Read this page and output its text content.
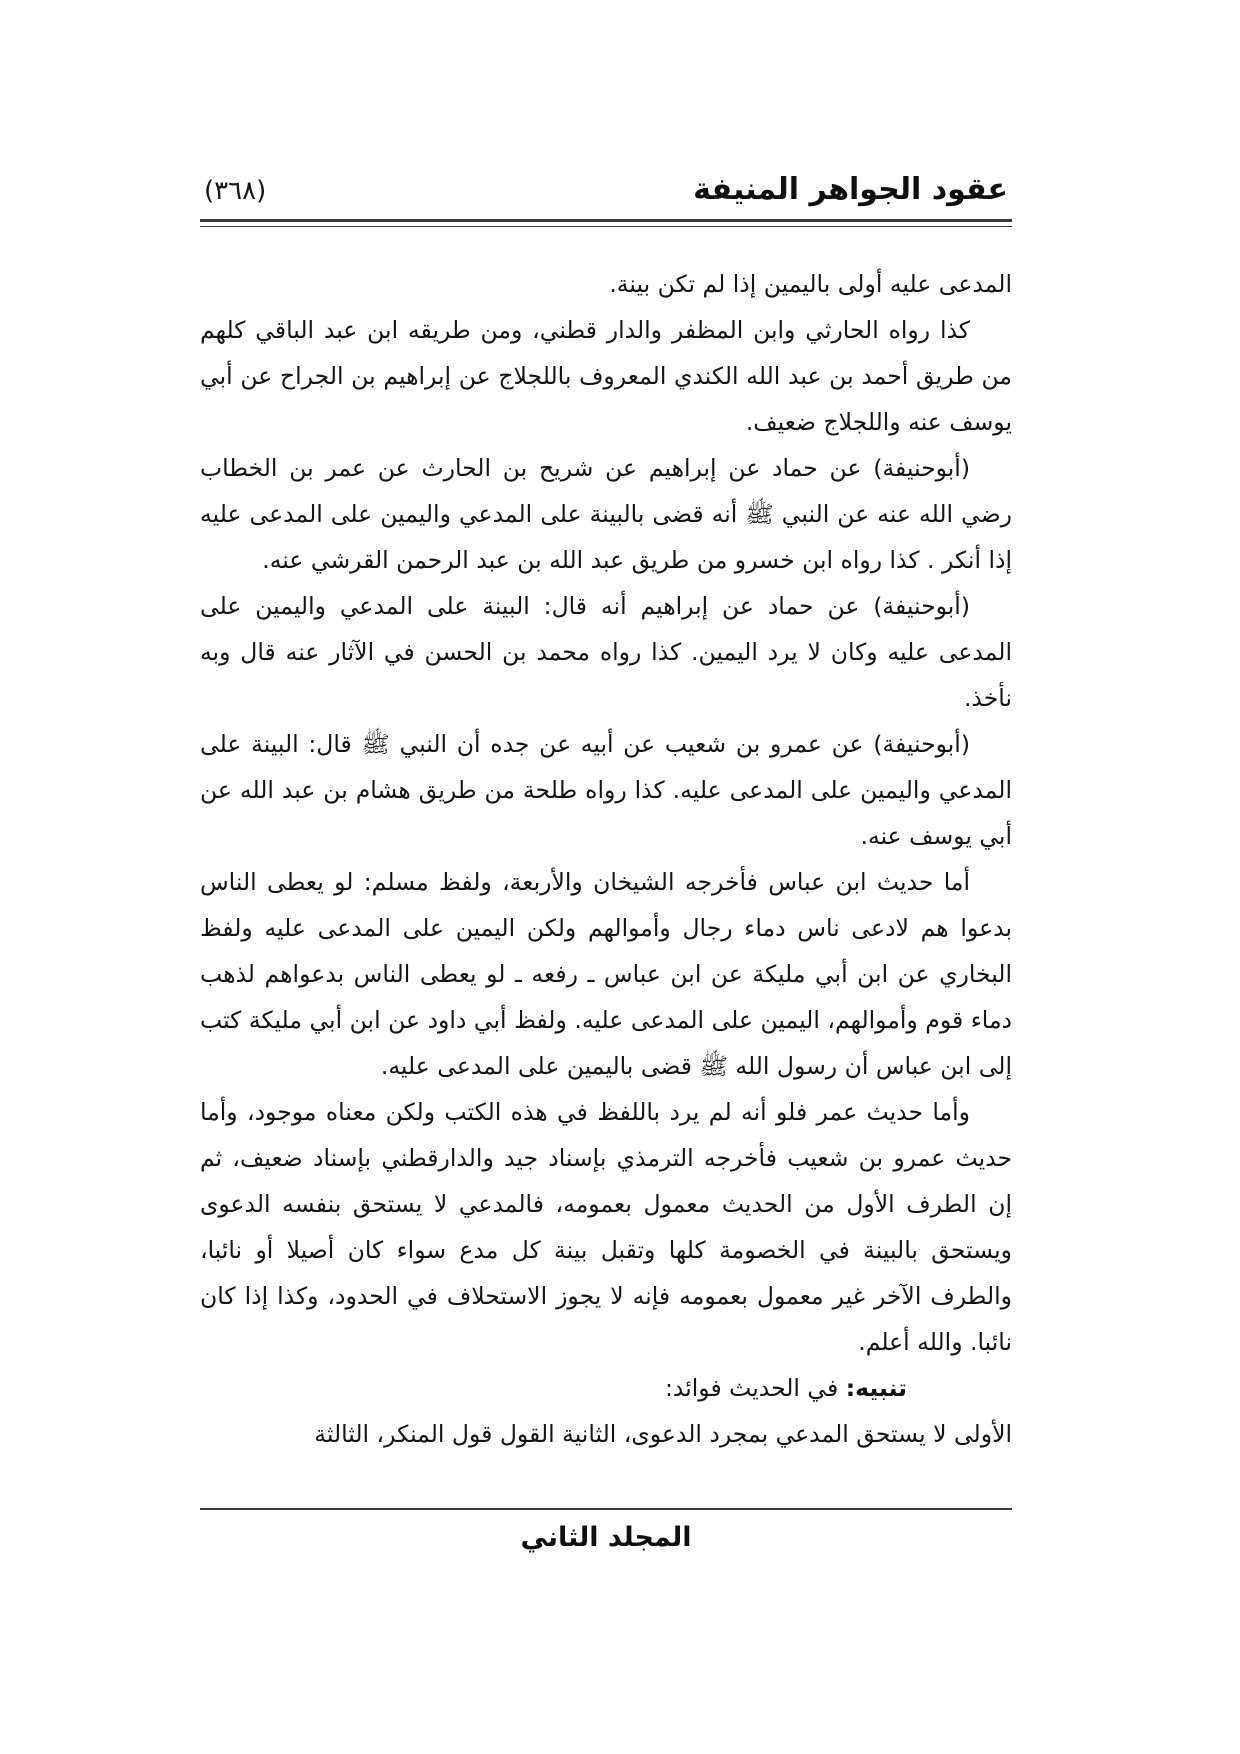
عقود الجواهر المنيفة
(٣٦٨)

المدعى عليه أولى باليمين إذا لم تكن بينة.

كذا رواه الحارثي وابن المظفر والدار قطني، ومن طريقه ابن عبد الباقي كلهم من طريق أحمد بن عبد الله الكندي المعروف باللجلاج عن إبراهيم بن الجراح عن أبي يوسف عنه واللجلاج ضعيف.

(أبوحنيفة) عن حماد عن إبراهيم عن شريح بن الحارث عن عمر بن الخطاب رضي الله عنه عن النبي ﷺ أنه قضى بالبينة على المدعي واليمين على المدعى عليه إذا أنكر . كذا رواه ابن خسرو من طريق عبد الله بن عبد الرحمن القرشي عنه.

(أبوحنيفة) عن حماد عن إبراهيم أنه قال: البينة على المدعي واليمين على المدعى عليه وكان لا يرد اليمين. كذا رواه محمد بن الحسن في الآثار عنه قال وبه نأخذ.

(أبوحنيفة) عن عمرو بن شعيب عن أبيه عن جده أن النبي ﷺ قال: البينة على المدعي واليمين على المدعى عليه. كذا رواه طلحة من طريق هشام بن عبد الله عن أبي يوسف عنه.

أما حديث ابن عباس فأخرجه الشيخان والأربعة، ولفظ مسلم: لو يعطى الناس بدعوا هم لادعى ناس دماء رجال وأموالهم ولكن اليمين على المدعى عليه ولفظ البخاري عن ابن أبي مليكة عن ابن عباس ـ رفعه ـ لو يعطى الناس بدعواهم لذهب دماء قوم وأموالهم، اليمين على المدعى عليه. ولفظ أبي داود عن ابن أبي مليكة كتب إلى ابن عباس أن رسول الله ﷺ قضى باليمين على المدعى عليه.

وأما حديث عمر فلو أنه لم يرد باللفظ في هذه الكتب ولكن معناه موجود، وأما حديث عمرو بن شعيب فأخرجه الترمذي بإسناد جيد والدارقطني بإسناد ضعيف، ثم إن الطرف الأول من الحديث معمول بعمومه، فالمدعي لا يستحق بنفسه الدعوى ويستحق بالبينة في الخصومة كلها وتقبل بينة كل مدع سواء كان أصيلا أو نائبا، والطرف الآخر غير معمول بعمومه فإنه لا يجوز الاستحلاف في الحدود، وكذا إذا كان نائبا. والله أعلم.

تنبيه: في الحديث فوائد:

الأولى لا يستحق المدعي بمجرد الدعوى، الثانية القول قول المنكر، الثالثة

المجلد الثاني
